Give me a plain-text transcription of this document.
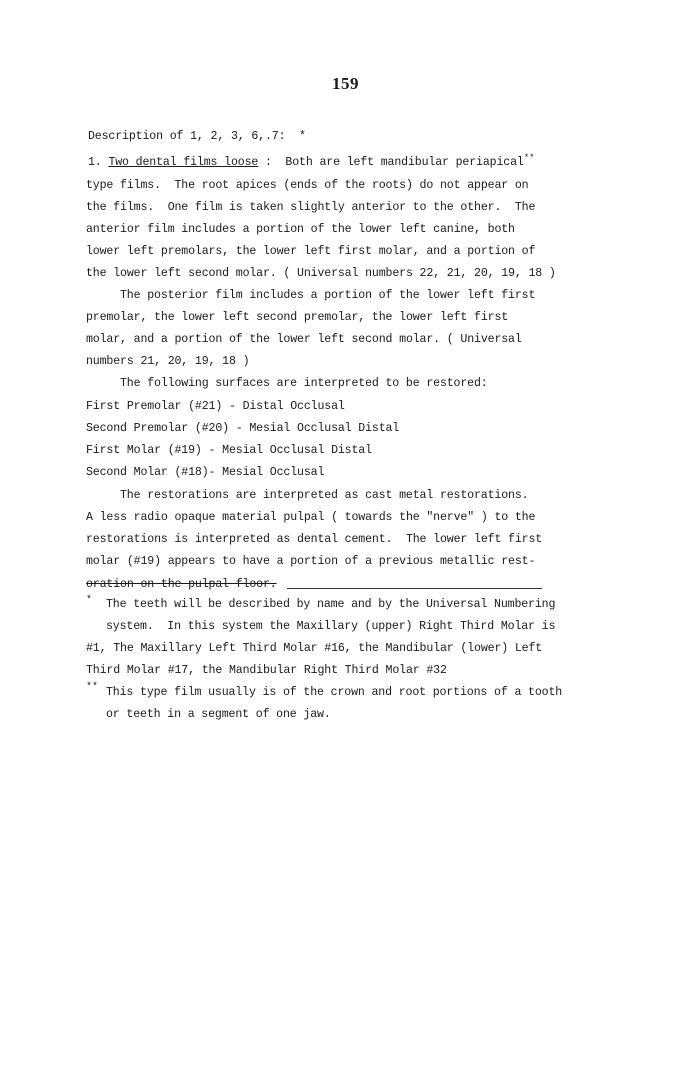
159
Description of 1, 2, 3, 6,.7:  *
1. Two dental films loose :  Both are left mandibular periapical**
type films.  The root apices (ends of the roots) do not appear on
the films.  One film is taken slightly anterior to the other.  The
anterior film includes a portion of the lower left canine, both
lower left premolars, the lower left first molar, and a portion of
the lower left second molar. ( Universal numbers 22, 21, 20, 19, 18 )
The posterior film includes a portion of the lower left first
premolar, the lower left second premolar, the lower left first
molar, and a portion of the lower left second molar. ( Universal
numbers 21, 20, 19, 18 )
The following surfaces are interpreted to be restored:
First Premolar (#21) - Distal Occlusal
Second Premolar (#20) - Mesial Occlusal Distal
First Molar (#19) - Mesial Occlusal Distal
Second Molar (#18)- Mesial Occlusal
The restorations are interpreted as cast metal restorations.
A less radio opaque material pulpal ( towards the "nerve" ) to the
restorations is interpreted as dental cement.  The lower left first
molar (#19) appears to have a portion of a previous metallic rest-
oration on the pulpal floor.
* The teeth will be described by name and by the Universal Numbering
system.  In this system the Maxillary (upper) Right Third Molar is
#1, The Maxillary Left Third Molar #16, the Mandibular (lower) Left
Third Molar #17, the Mandibular Right Third Molar #32
** This type film usually is of the crown and root portions of a tooth
or teeth in a segment of one jaw.
